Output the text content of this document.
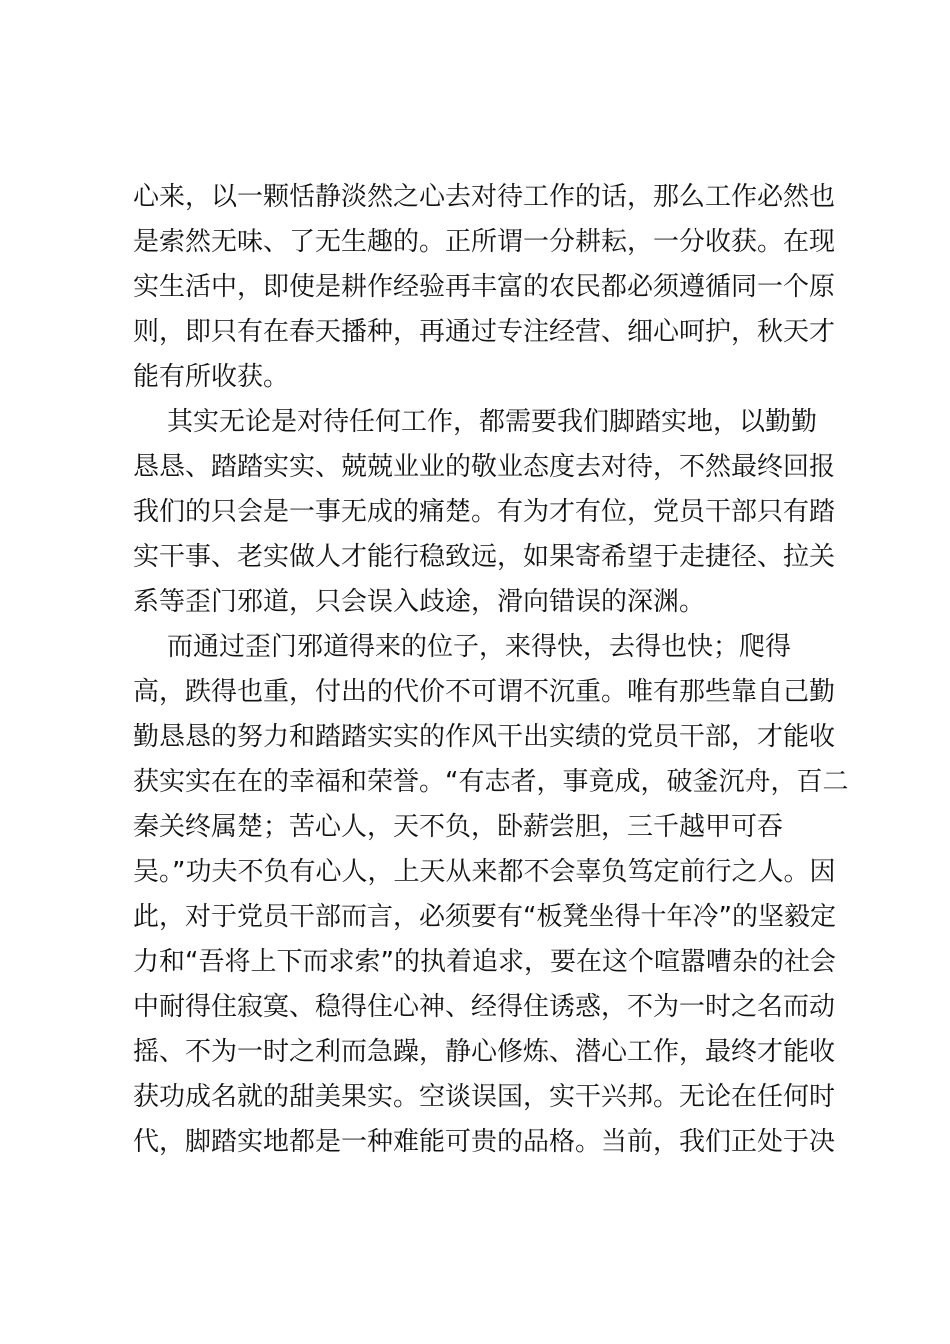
心来，以一颗恬静淡然之心去对待工作的话，那么工作必然也
是索然无味、了无生趣的。正所谓一分耕耘，一分收获。在现
实生活中，即使是耕作经验再丰富的农民都必须遵循同一个原
则，即只有在春天播种，再通过专注经营、细心呵护，秋天才
能有所收获。
其实无论是对待任何工作，都需要我们脚踏实地，以勤勤
恳恳、踏踏实实、兢兢业业的敬业态度去对待，不然最终回报
我们的只会是一事无成的痛楚。有为才有位，党员干部只有踏
实干事、老实做人才能行稳致远，如果寄希望于走捷径、拉关
系等歪门邪道，只会误入歧途，滑向错误的深渊。
而通过歪门邪道得来的位子，来得快，去得也快；爬得
高，跌得也重，付出的代价不可谓不沉重。唯有那些靠自己勤
勤恳恳的努力和踏踏实实的作风干出实绩的党员干部，才能收
获实实在在的幸福和荣誉。“有志者，事竟成，破釜沉舟，百二
秦关终属楚；苦心人，天不负，卧薪尝胆，三千越甲可吞
吴。”功夫不负有心人，上天从来都不会辜负笃定前行之人。因
此，对于党员干部而言，必须要有“板凳坐得十年冷”的坚毅定
力和“吾将上下而求索”的执着追求，要在这个喧嚣嘈杂的社会
中耐得住寂寞、稳得住心神、经得住诱惑，不为一时之名而动
摇、不为一时之利而急躁，静心修炼、潜心工作，最终才能收
获功成名就的甜美果实。空谈误国，实干兴邦。无论在任何时
代，脚踏实地都是一种难能可贵的品格。当前，我们正处于决
